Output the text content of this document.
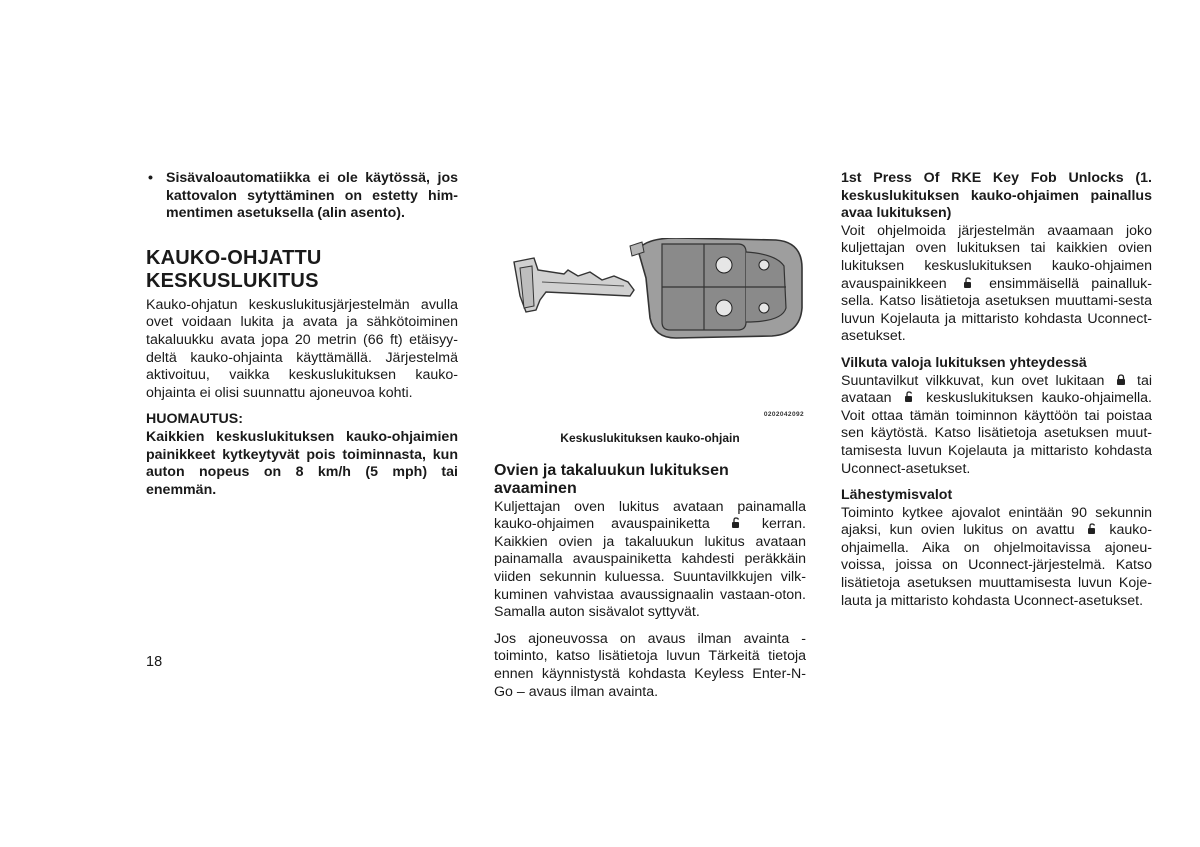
• Sisävaloautomatiikka ei ole käytössä, jos kattovalon sytyttäminen on estetty him-mentimen asetuksella (alin asento).
KAUKO-OHJATTU
KESKUSLUKITUS

Kauko-ohjatun keskuslukitusjärjestelmän avulla ovet voidaan lukita ja avata ja sähkötoiminen takaluukku avata jopa 20 metrin (66 ft) etäisyy-deltä kauko-ohjainta käyttämällä. Järjestelmä aktivoituu, vaikka keskuslukituksen kauko-ohjainta ei olisi suunnattu ajoneuvoa kohti.

HUOMAUTUS:

Kaikkien keskuslukituksen kauko-ohjaimien painikkeet kytkeytyvät pois toiminnasta, kun auton nopeus on 8 km/h (5 mph) tai enemmän.

0202042092

Keskuslukituksen kauko-ohjain

Ovien ja takaluukun lukituksen
avaaminen

Kuljettajan oven lukitus avataan painamalla kauko-ohjaimen avauspainiketta	kerran. Kaikkien ovien ja takaluukun lukitus avataan painamalla avauspainiketta kahdesti peräkkäin viiden sekunnin kuluessa. Suuntavilkkujen vilk-kuminen vahvistaa avaussignaalin vastaan-oton. Samalla auton sisävalot syttyvät.

Jos ajoneuvossa on avaus ilman avainta -toiminto, katso lisätietoja luvun Tärkeitä tietoja ennen käynnistystä kohdasta Keyless Enter-N-Go – avaus ilman avainta.

1st Press Of RKE Key Fob Unlocks (1. keskuslukituksen kauko-ohjaimen painallus avaa lukituksen)

Voit ohjelmoida järjestelmän avaamaan joko kuljettajan oven lukituksen tai kaikkien ovien lukituksen keskuslukituksen kauko-ohjaimen avauspainikkeen	ensimmäisellä painalluk-sella. Katso lisätietoja asetuksen muuttami-sesta luvun Kojelauta ja mittaristo kohdasta Uconnect-asetukset.

Vilkuta valoja lukituksen yhteydessä

Suuntavilkut vilkkuvat, kun ovet lukitaan tai avataan keskuslukituksen kauko-ohjaimella. Voit ottaa tämän toiminnon käyttöön tai poistaa sen käytöstä. Katso lisätietoja asetuksen muut-tamisesta luvun Kojelauta ja mittaristo kohdasta Uconnect-asetukset.

Lähestymisvalot

Toiminto kytkee ajovalot enintään 90 sekunnin ajaksi, kun ovien lukitus on avattu kauko-ohjaimella. Aika on ohjelmoitavissa ajoneu-voissa, joissa on Uconnect-järjestelmä. Katso lisätietoja asetuksen muuttamisesta luvun Koje-lauta ja mittaristo kohdasta Uconnect-asetukset.

18
